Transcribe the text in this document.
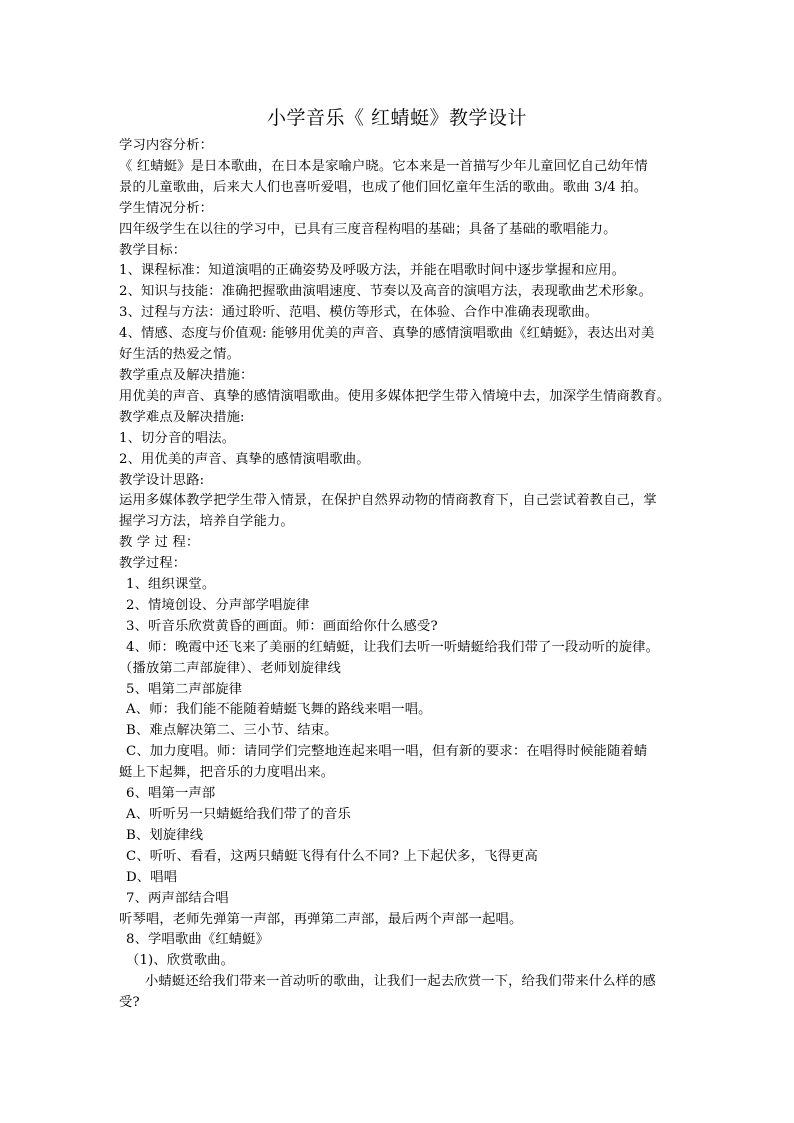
小学音乐《 红蜻蜓》教学设计
学习内容分析：
《 红蜻蜓》是日本歌曲，在日本是家喻户晓。它本来是一首描写少年儿童回忆自己幼年情
景的儿童歌曲，后来大人们也喜听爱唱，也成了他们回忆童年生活的歌曲。歌曲 3/4 拍。
学生情况分析：
四年级学生在以往的学习中，已具有三度音程构唱的基础；具备了基础的歌唱能力。
教学目标：
1、课程标准：知道演唱的正确姿势及呼吸方法，并能在唱歌时间中逐步掌握和应用。
2、知识与技能：准确把握歌曲演唱速度、节奏以及高音的演唱方法，表现歌曲艺术形象。
3、过程与方法：通过聆听、范唱、模仿等形式，在体验、合作中准确表现歌曲。
4、情感、态度与价值观: 能够用优美的声音、真挚的感情演唱歌曲《红蜻蜓》，表达出对美
好生活的热爱之情。
教学重点及解决措施：
用优美的声音、真挚的感情演唱歌曲。使用多媒体把学生带入情境中去，加深学生情商教育。
教学难点及解决措施:
1、切分音的唱法。
2、用优美的声音、真挚的感情演唱歌曲。
教学设计思路:
运用多媒体教学把学生带入情景，在保护自然界动物的情商教育下，自己尝试着教自己，掌
握学习方法，培养自学能力。
教 学 过 程：
教学过程：
1、组织课堂。
2、情境创设、分声部学唱旋律
3、听音乐欣赏黄昏的画面。师：画面给你什么感受?
4、师：晚霞中还飞来了美丽的红蜻蜓，让我们去听一听蜻蜓给我们带了一段动听的旋律。
（播放第二声部旋律）、老师划旋律线
5、唱第二声部旋律
A、师：我们能不能随着蜻蜓飞舞的路线来唱一唱。
B、难点解决第二、三小节、结束。
C、加力度唱。师：请同学们完整地连起来唱一唱，但有新的要求：在唱得时候能随着蜻
蜓上下起舞，把音乐的力度唱出来。
6、唱第一声部
A、听听另一只蜻蜓给我们带了的音乐
B、划旋律线
C、听听、看看，这两只蜻蜓飞得有什么不同? 上下起伏多，飞得更高
D、唱唱
7、两声部结合唱
听琴唱，老师先弹第一声部，再弹第二声部，最后两个声部一起唱。
8、学唱歌曲《红蜻蜓》
（1)、欣赏歌曲。
小蜻蜓还给我们带来一首动听的歌曲，让我们一起去欣赏一下，给我们带来什么样的感
受?
